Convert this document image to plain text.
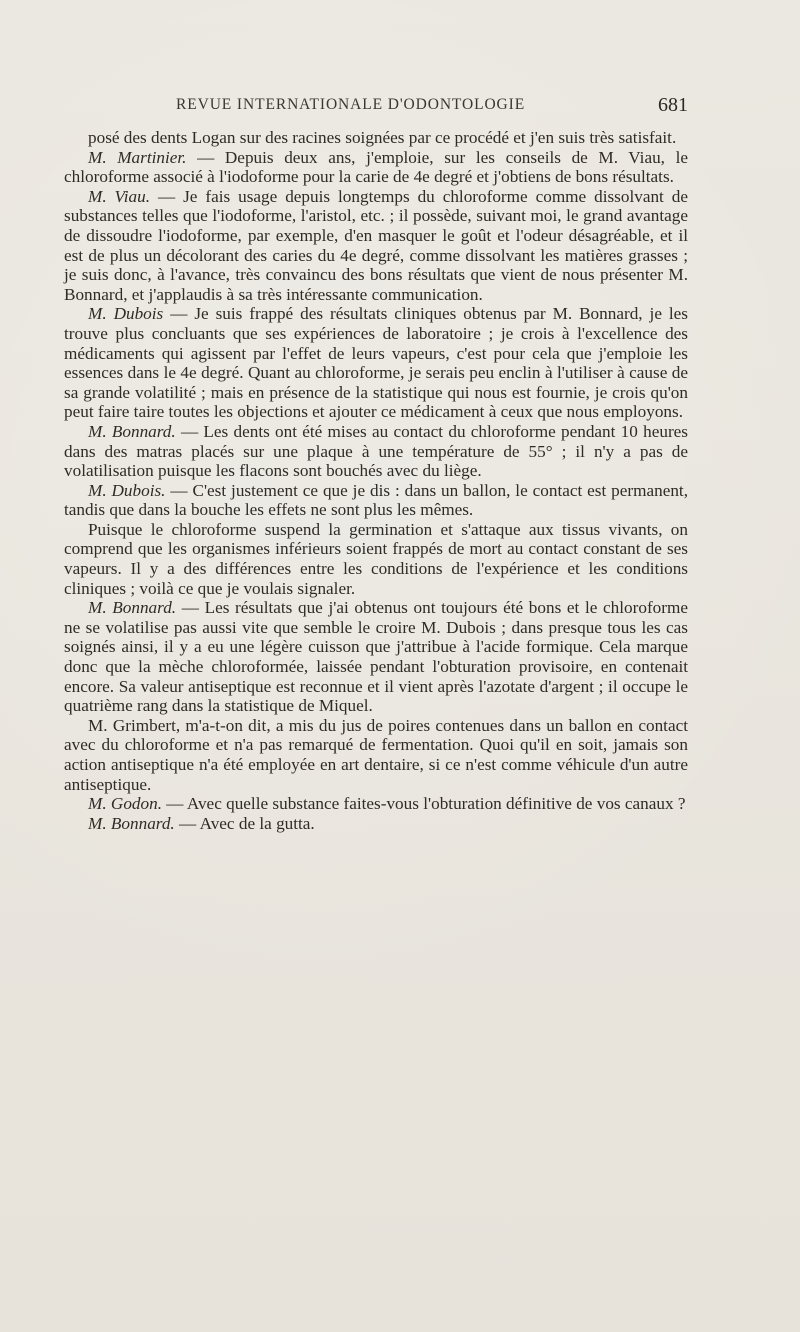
REVUE INTERNATIONALE D'ODONTOLOGIE	681

posé des dents Logan sur des racines soignées par ce procédé et j'en suis très satisfait.

M. Martinier. — Depuis deux ans, j'emploie, sur les conseils de M. Viau, le chloroforme associé à l'iodoforme pour la carie de 4e degré et j'obtiens de bons résultats.

M. Viau. — Je fais usage depuis longtemps du chloroforme comme dissolvant de substances telles que l'iodoforme, l'aristol, etc. ; il possède, suivant moi, le grand avantage de dissoudre l'iodoforme, par exemple, d'en masquer le goût et l'odeur désagréable, et il est de plus un décolorant des caries du 4e degré, comme dissolvant les matières grasses ; je suis donc, à l'avance, très convaincu des bons résultats que vient de nous présenter M. Bonnard, et j'applaudis à sa très intéressante communication.

M. Dubois — Je suis frappé des résultats cliniques obtenus par M. Bonnard, je les trouve plus concluants que ses expériences de laboratoire ; je crois à l'excellence des médicaments qui agissent par l'effet de leurs vapeurs, c'est pour cela que j'emploie les essences dans le 4e degré. Quant au chloroforme, je serais peu enclin à l'utiliser à cause de sa grande volatilité ; mais en présence de la statistique qui nous est fournie, je crois qu'on peut faire taire toutes les objections et ajouter ce médicament à ceux que nous employons.

M. Bonnard. — Les dents ont été mises au contact du chloroforme pendant 10 heures dans des matras placés sur une plaque à une température de 55° ; il n'y a pas de volatilisation puisque les flacons sont bouchés avec du liège.

M. Dubois. — C'est justement ce que je dis : dans un ballon, le contact est permanent, tandis que dans la bouche les effets ne sont plus les mêmes.

Puisque le chloroforme suspend la germination et s'attaque aux tissus vivants, on comprend que les organismes inférieurs soient frappés de mort au contact constant de ses vapeurs. Il y a des différences entre les conditions de l'expérience et les conditions cliniques ; voilà ce que je voulais signaler.

M. Bonnard. — Les résultats que j'ai obtenus ont toujours été bons et le chloroforme ne se volatilise pas aussi vite que semble le croire M. Dubois ; dans presque tous les cas soignés ainsi, il y a eu une légère cuisson que j'attribue à l'acide formique. Cela marque donc que la mèche chloroformée, laissée pendant l'obturation provisoire, en contenait encore. Sa valeur antiseptique est reconnue et il vient après l'azotate d'argent ; il occupe le quatrième rang dans la statistique de Miquel.

M. Grimbert, m'a-t-on dit, a mis du jus de poires contenues dans un ballon en contact avec du chloroforme et n'a pas remarqué de fermentation. Quoi qu'il en soit, jamais son action antiseptique n'a été employée en art dentaire, si ce n'est comme véhicule d'un autre antiseptique.

M. Godon. — Avec quelle substance faites-vous l'obturation définitive de vos canaux ?

M. Bonnard. — Avec de la gutta.
